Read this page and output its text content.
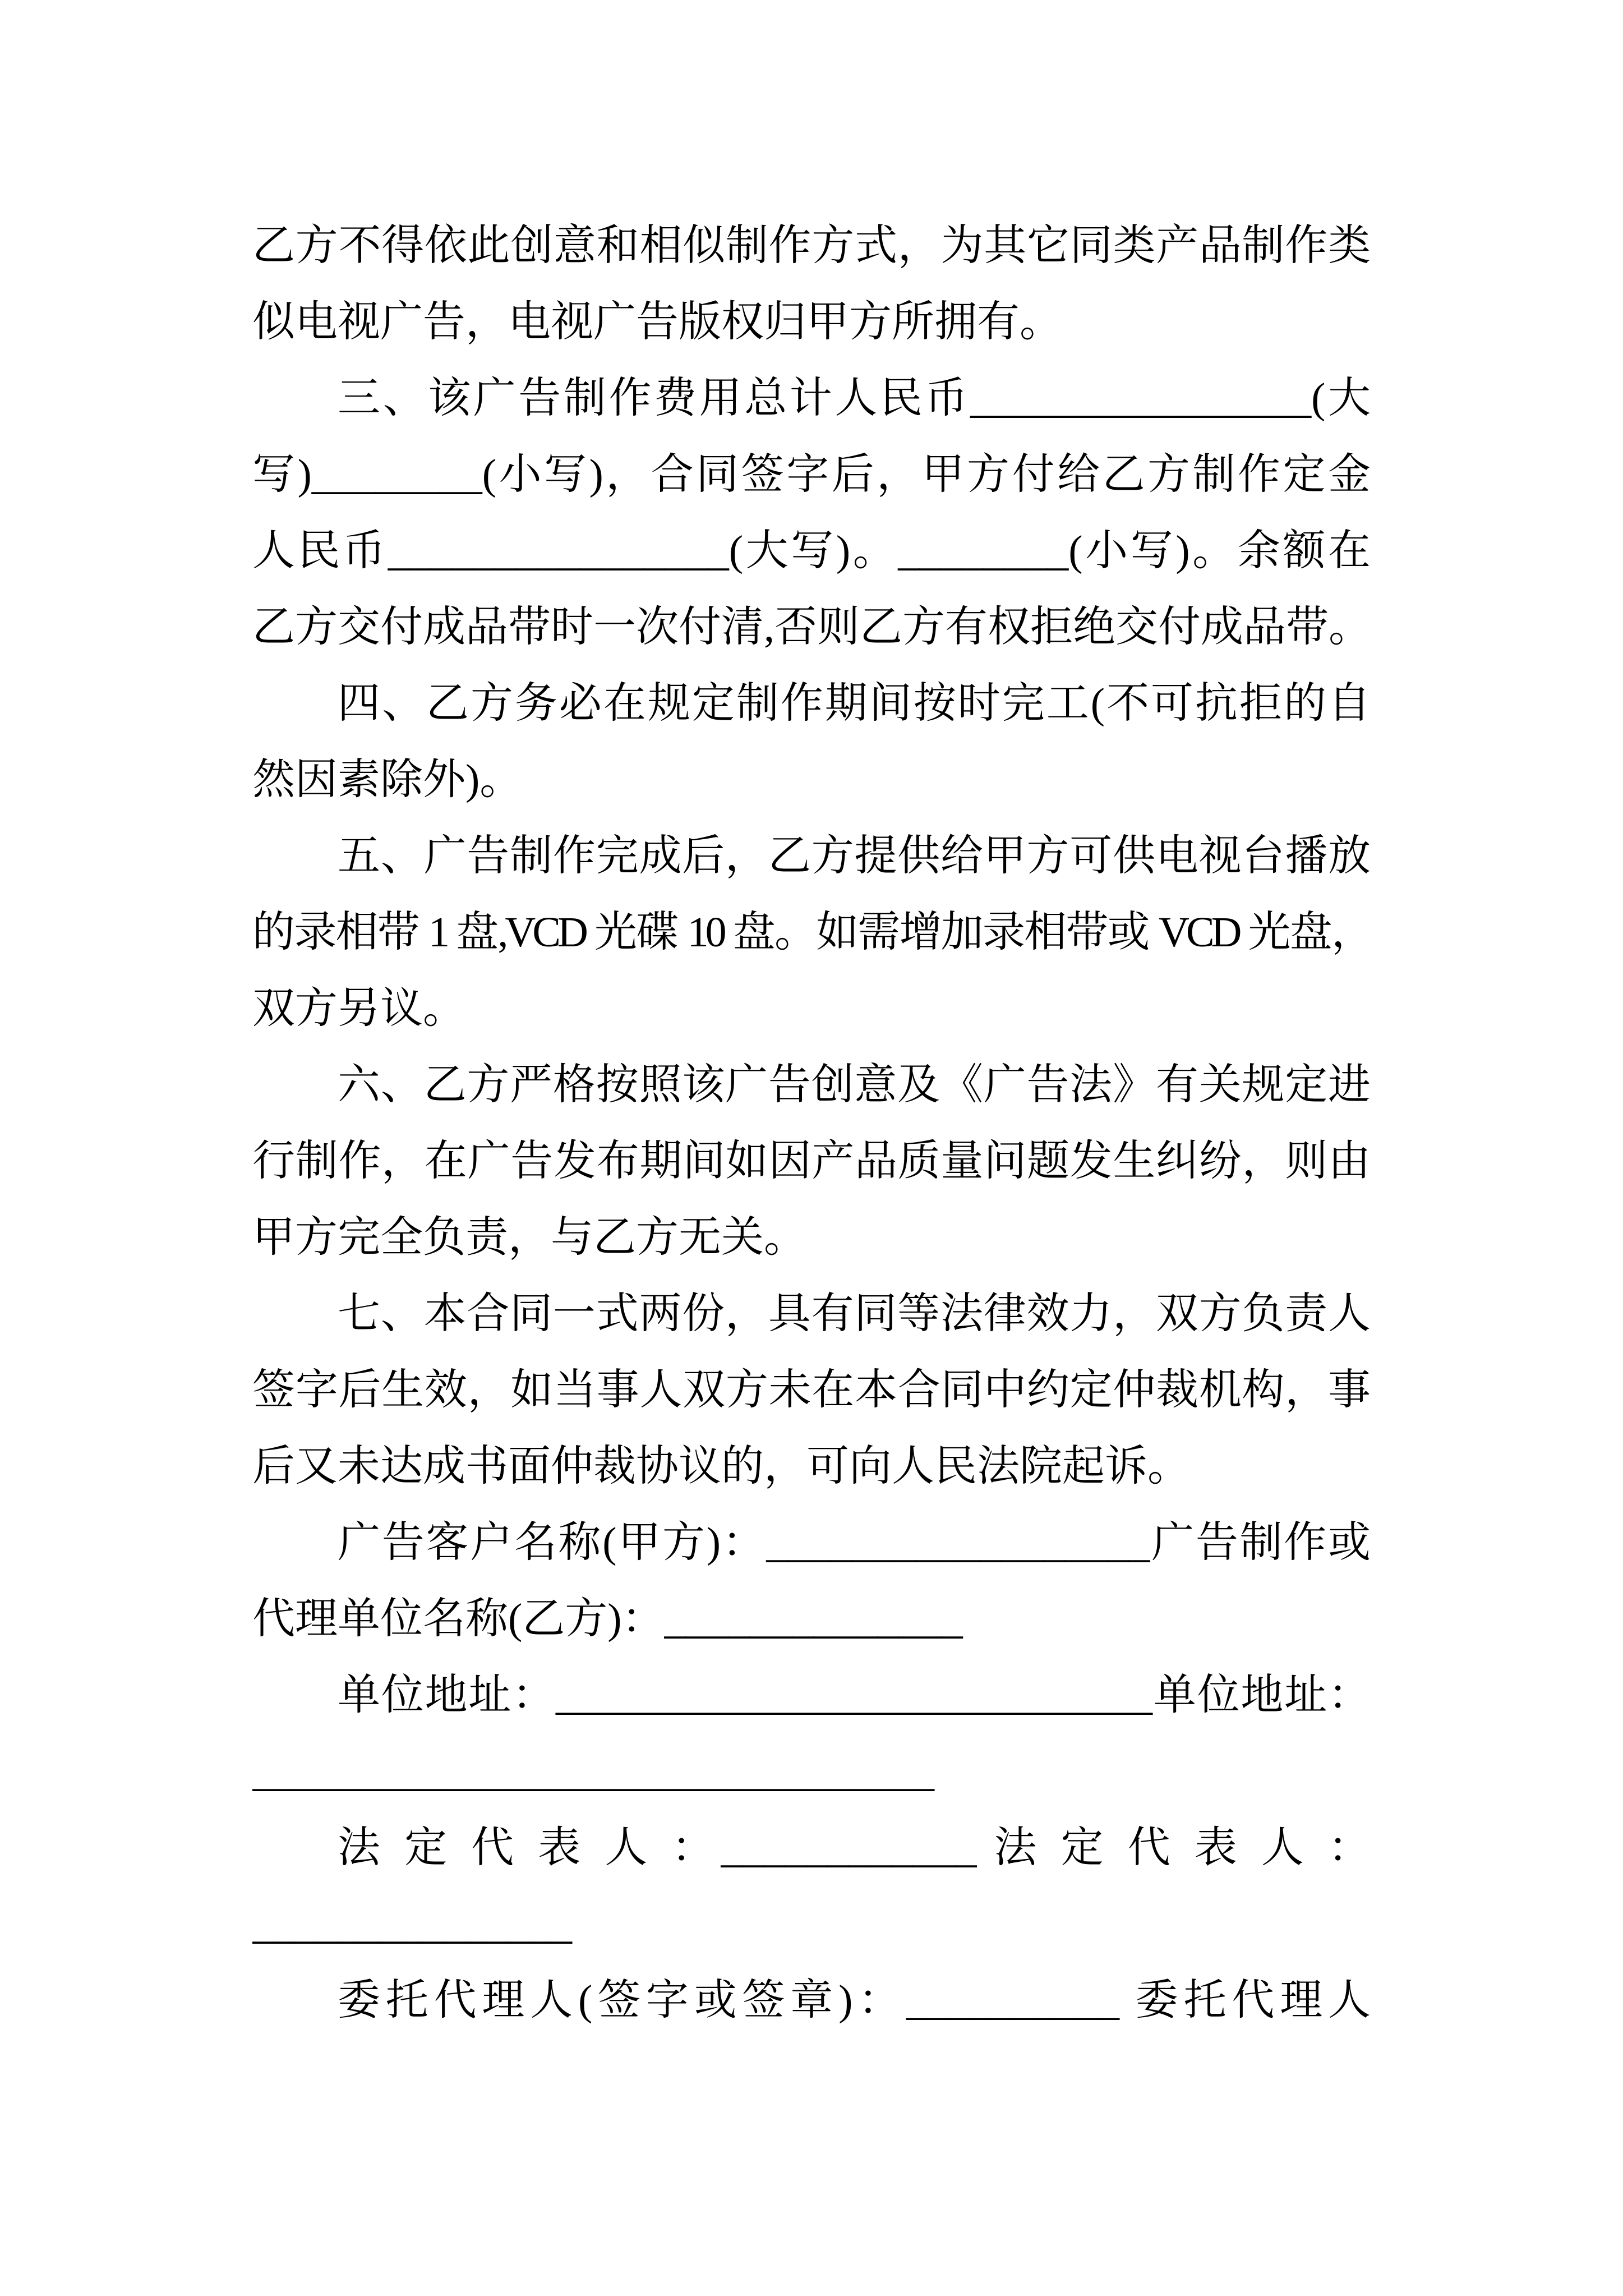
乙方不得依此创意和相似制作方式，为其它同类产品制作类
似电视广告，电视广告版权归甲方所拥有。
三、该广告制作费用总计人民币________________(大
写)________(小写)，合同签字后，甲方付给乙方制作定金
人民币________________(大写)。________(小写)。余额在
乙方交付成品带时一次付清,否则乙方有权拒绝交付成品带。
四、乙方务必在规定制作期间按时完工(不可抗拒的自
然因素除外)。
五、广告制作完成后，乙方提供给甲方可供电视台播放
的录相带 1 盘,VCD 光碟 10 盘。如需增加录相带或 VCD 光盘，
双方另议。
六、乙方严格按照该广告创意及《广告法》有关规定进
行制作，在广告发布期间如因产品质量问题发生纠纷，则由
甲方完全负责，与乙方无关。
七、本合同一式两份，具有同等法律效力，双方负责人
签字后生效，如当事人双方未在本合同中约定仲裁机构，事
后又未达成书面仲裁协议的，可向人民法院起诉。
广告客户名称(甲方)：__________________广告制作或
代理单位名称(乙方)：______________
单位地址：____________________________单位地址：
________________________________
法 定 代 表 人 ：____________ 法 定 代 表 人 ：
_______________
委托代理人(签字或签章)：__________ 委托代理人
